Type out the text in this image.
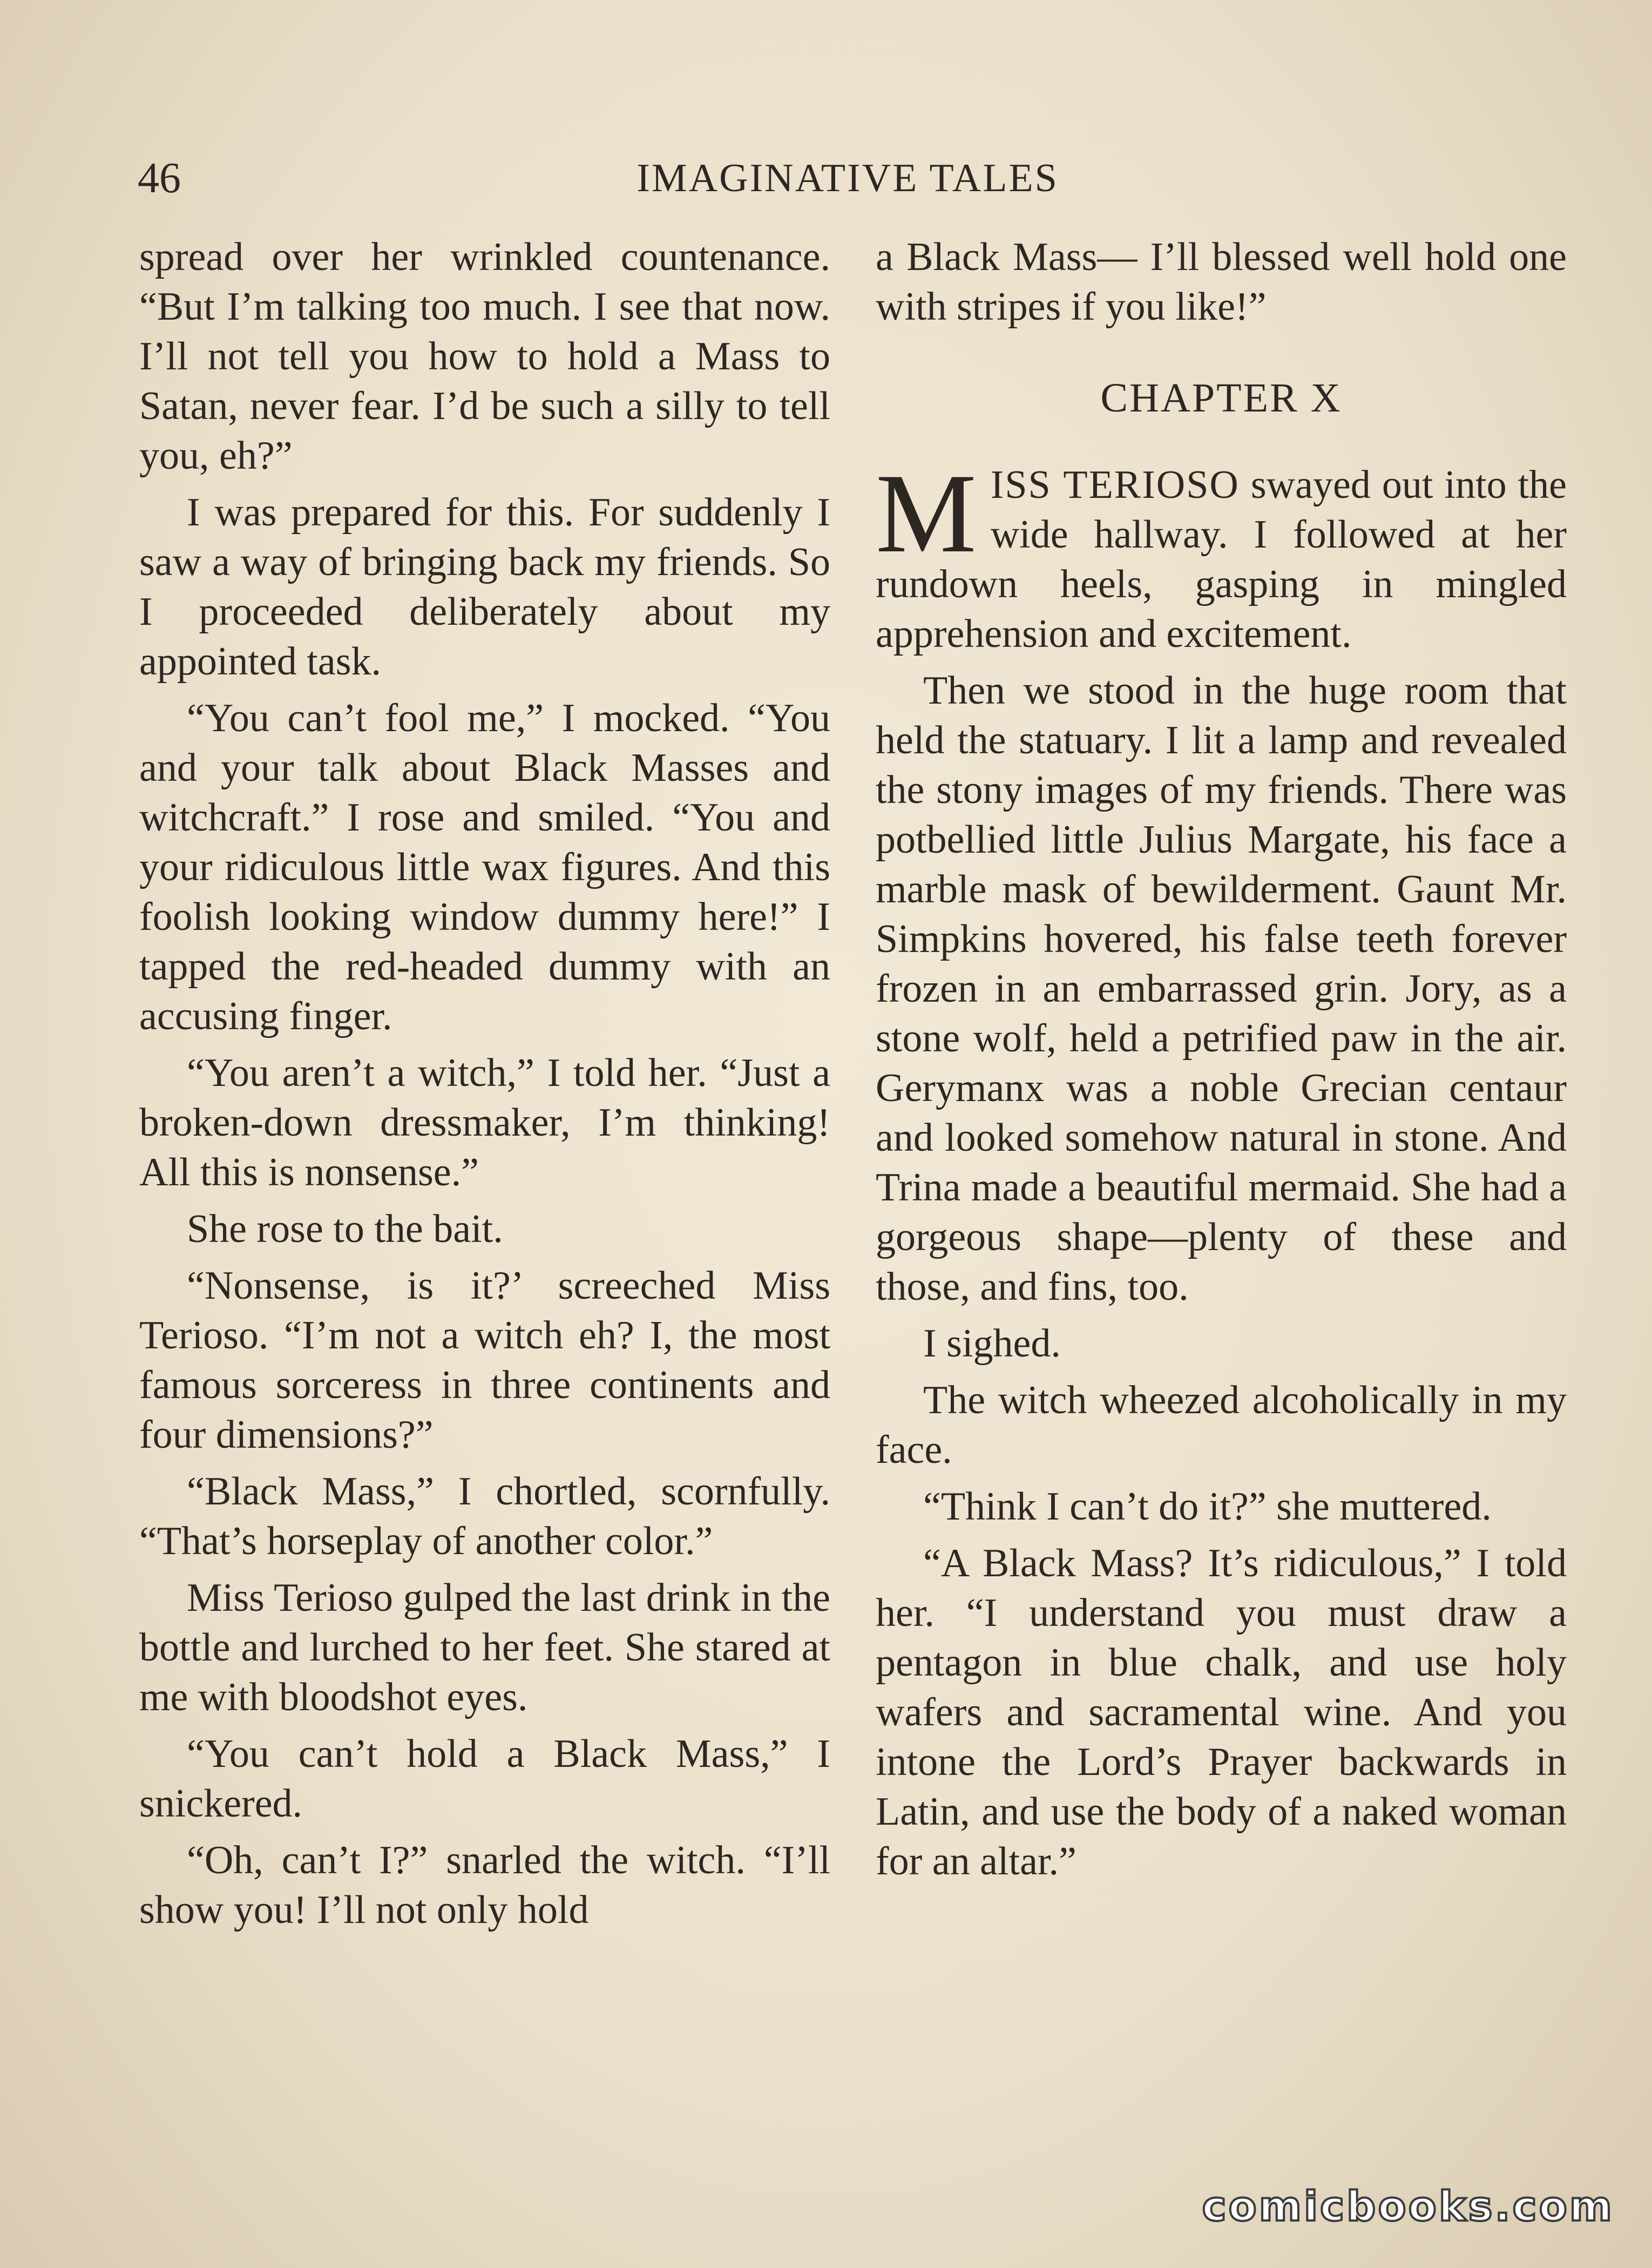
46	IMAGINATIVE TALES

spread over her wrinkled countenance. “But I’m talking too much. I see that now. I’ll not tell you how to hold a Mass to Satan, never fear. I’d be such a silly to tell you, eh?”

I was prepared for this. For suddenly I saw a way of bringing back my friends. So I proceeded deliberately about my appointed task.

“You can’t fool me,” I mocked. “You and your talk about Black Masses and witchcraft.” I rose and smiled. “You and your ridiculous little wax figures. And this foolish looking window dummy here!” I tapped the red-headed dummy with an accusing finger.

“You aren’t a witch,” I told her. “Just a broken-down dressmaker, I’m thinking! All this is nonsense.”

She rose to the bait.

“Nonsense, is it?’ screeched Miss Terioso. “I’m not a witch eh? I, the most famous sorceress in three continents and four dimensions?”

“Black Mass,” I chortled, scornfully. “That’s horseplay of another color.”

Miss Terioso gulped the last drink in the bottle and lurched to her feet. She stared at me with bloodshot eyes.

“You can’t hold a Black Mass,” I snickered.

“Oh, can’t I?” snarled the witch. “I’ll show you! I’ll not only hold

a Black Mass— I’ll blessed well hold one with stripes if you like!”

CHAPTER X

MISS TERIOSO swayed out into the wide hallway. I followed at her rundown heels, gasping in mingled apprehension and excitement.

Then we stood in the huge room that held the statuary. I lit a lamp and revealed the stony images of my friends. There was potbellied little Julius Margate, his face a marble mask of bewilderment. Gaunt Mr. Simpkins hovered, his false teeth forever frozen in an embarrassed grin. Jory, as a stone wolf, held a petrified paw in the air. Gerymanx was a noble Grecian centaur and looked somehow natural in stone. And Trina made a beautiful mermaid. She had a gorgeous shape—plenty of these and those, and fins, too.

I sighed.

The witch wheezed alcoholically in my face.

“Think I can’t do it?” she muttered.

“A Black Mass? It’s ridiculous,” I told her. “I understand you must draw a pentagon in blue chalk, and use holy wafers and sacramental wine. And you intone the Lord’s Prayer backwards in Latin, and use the body of a naked woman for an altar.”

comicbooks.com
